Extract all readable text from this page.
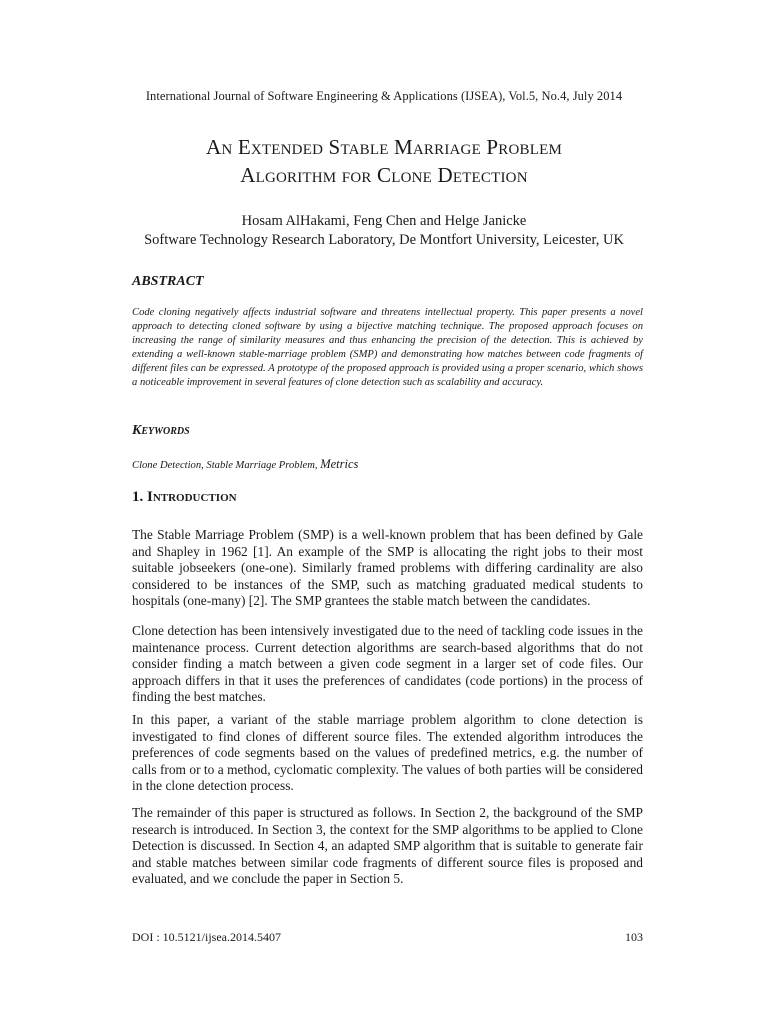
International Journal of Software Engineering & Applications (IJSEA), Vol.5, No.4, July 2014
An Extended Stable Marriage Problem
Algorithm for Clone Detection
Hosam AlHakami, Feng Chen and Helge Janicke
Software Technology Research Laboratory, De Montfort University, Leicester, UK
ABSTRACT
Code cloning negatively affects industrial software and threatens intellectual property. This paper presents a novel approach to detecting cloned software by using a bijective matching technique. The proposed approach focuses on increasing the range of similarity measures and thus enhancing the precision of the detection. This is achieved by extending a well-known stable-marriage problem (SMP) and demonstrating how matches between code fragments of different files can be expressed. A prototype of the proposed approach is provided using a proper scenario, which shows a noticeable improvement in several features of clone detection such as scalability and accuracy.
Keywords
Clone Detection, Stable Marriage Problem, Metrics
1. Introduction
The Stable Marriage Problem (SMP) is a well-known problem that has been defined by Gale and Shapley in 1962 [1]. An example of the SMP is allocating the right jobs to their most suitable jobseekers (one-one). Similarly framed problems with differing cardinality are also considered to be instances of the SMP, such as matching graduated medical students to hospitals (one-many) [2]. The SMP grantees the stable match between the candidates.
Clone detection has been intensively investigated due to the need of tackling code issues in the maintenance process. Current detection algorithms are search-based algorithms that do not consider finding a match between a given code segment in a larger set of code files. Our approach differs in that it uses the preferences of candidates (code portions) in the process of finding the best matches.
In this paper, a variant of the stable marriage problem algorithm to clone detection is investigated to find clones of different source files. The extended algorithm introduces the preferences of code segments based on the values of predefined metrics, e.g. the number of calls from or to a method, cyclomatic complexity. The values of both parties will be considered in the clone detection process.
The remainder of this paper is structured as follows. In Section 2, the background of the SMP research is introduced. In Section 3, the context for the SMP algorithms to be applied to Clone Detection is discussed. In Section 4, an adapted SMP algorithm that is suitable to generate fair and stable matches between similar code fragments of different source files is proposed and evaluated, and we conclude the paper in Section 5.
DOI : 10.5121/ijsea.2014.5407	103
